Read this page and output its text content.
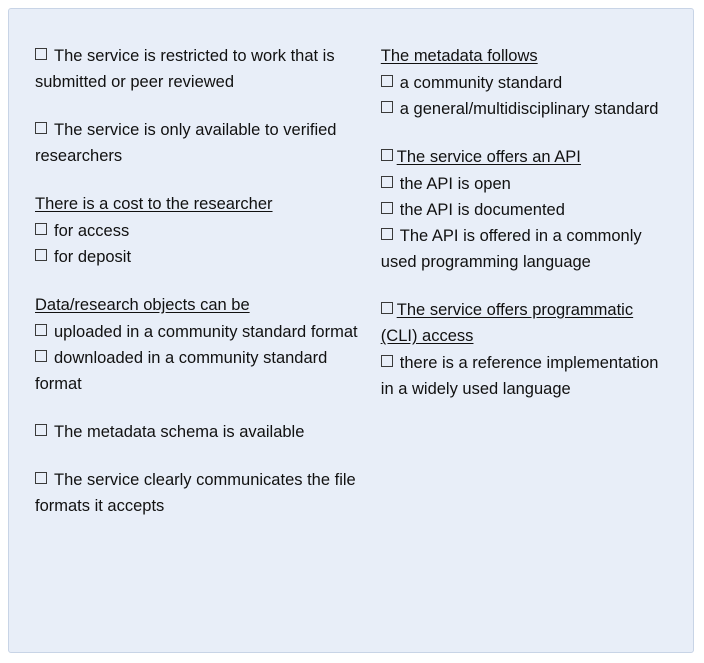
The service is restricted to work that is submitted or peer reviewed
The service is only available to verified researchers
There is a cost to the researcher
for access
for deposit
Data/research objects can be
uploaded in a community standard format
downloaded in a community standard format
The metadata schema is available
The service clearly communicates the file formats it accepts
The metadata follows
a community standard
a general/multidisciplinary standard
The service offers an API
the API is open
the API is documented
The API is offered in a commonly used programming language
The service offers programmatic (CLI) access
there is a reference implementation in a widely used language
